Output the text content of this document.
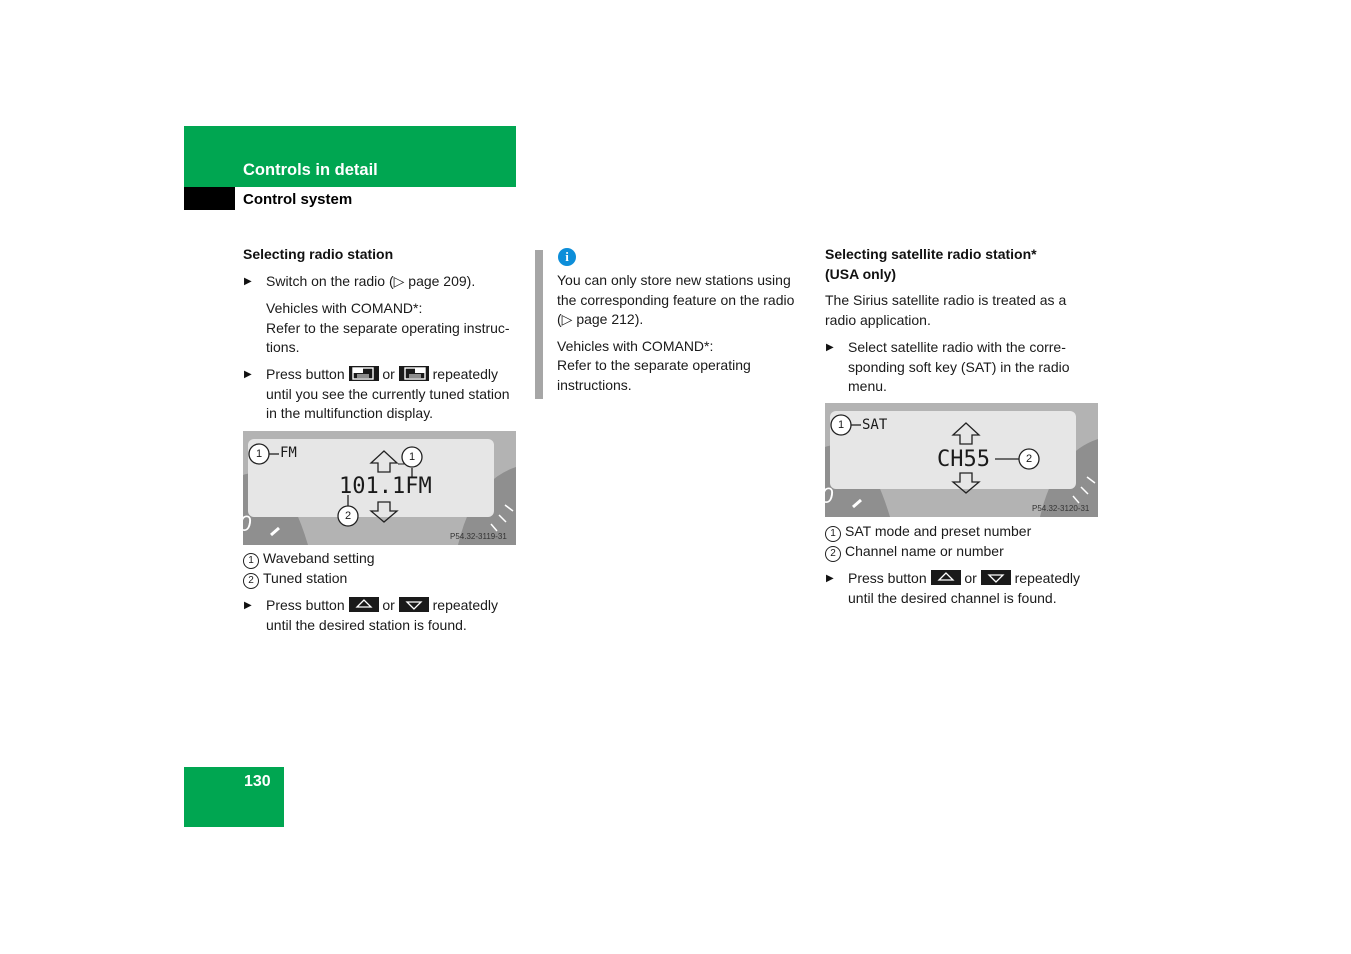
Controls in detail
Control system
Selecting radio station

▶ Switch on the radio (▷ page 209).

Vehicles with COMAND*:

Refer to the separate operating instruc-tions.

▶ Press button	or	repeatedly
until you see the currently tuned station in the multifunction display.

0
1 FM	1
101.1FM
2
P54.32-3119-31

1 Waveband setting

2 Tuned station

▶ Press button	or	repeatedly
until the desired station is found.

i

You can only store new stations using the corresponding feature on the radio (▷ page 212).

Vehicles with COMAND*:

Refer to the separate operating instructions.

Selecting satellite radio station*
(USA only)
The Sirius satellite radio is treated as a radio application.

▶ Select satellite radio with the corre-sponding soft key (SAT) in the radio menu.

0
1 SAT
CH55	2
P54.32-3120-31

1 SAT mode and preset number

2 Channel name or number

▶ Press button	or	repeatedly
until the desired channel is found.

130
